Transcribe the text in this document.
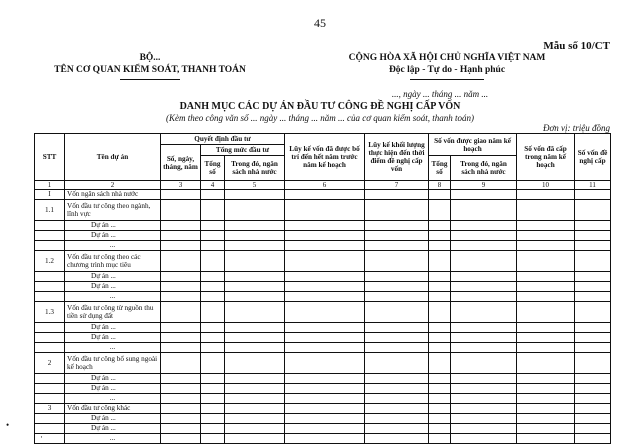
45
Mẫu số 10/CT
BỘ...
TÊN CƠ QUAN KIỂM SOÁT, THANH TOÁN
CỘNG HÒA XÃ HỘI CHỦ NGHĨA VIỆT NAM
Độc lập - Tự do - Hạnh phúc
..., ngày ... tháng ... năm ...
DANH MỤC CÁC DỰ ÁN ĐẦU TƯ CÔNG ĐỀ NGHỊ CẤP VỐN
(Kèm theo công văn số ... ngày ... tháng ... năm ... của cơ quan kiểm soát, thanh toán)
Đơn vị: triệu đồng
STT	Tên dự án	Quyết định đầu tư			Lũy kế vốn đã được bố trí đến hết năm trước năm kế hoạch	Lũy kế khối lượng thực hiện đến thời điểm đề nghị cấp vốn	Số vốn được giao năm kế hoạch		Số vốn đã cấp trong năm kế hoạch	Số vốn đề nghị cấp
		Số, ngày, tháng, năm	Tổng mức đầu tư							
			Tổng số	Trong đó, ngân sách nhà nước			Tổng số	Trong đó, ngân sách nhà nước		
1	2	3	4	5	6	7	8	9	10	11
I	Vốn ngân sách nhà nước									
1.1	Vốn đầu tư công theo ngành, lĩnh vực									
	Dự án ...									
	Dự án ...									
	...									
1.2	Vốn đầu tư công theo các chương trình mục tiêu									
	Dự án ...									
	Dự án ...									
	...									
1.3	Vốn đầu tư công từ nguồn thu tiền sử dụng đất									
	Dự án ...									
	Dự án ...									
	...									
2	Vốn đầu tư công bổ sung ngoài kế hoạch									
	Dự án ...									
	Dự án ...									
	...									
3	Vốn đầu tư công khác									
	Dự án ...									
	Dự án ...									
	...									
•
·
